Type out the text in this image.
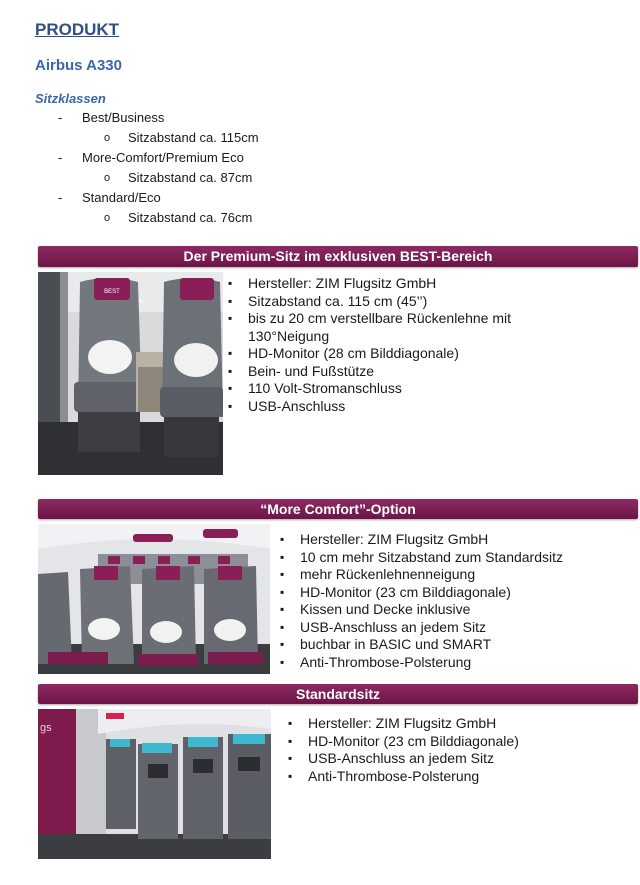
PRODUKT
Airbus A330
Sitzklassen
- Best/Business
o Sitzabstand ca. 115cm
- More-Comfort/Premium Eco
o Sitzabstand ca. 87cm
- Standard/Eco
o Sitzabstand ca. 76cm
Der Premium-Sitz im exklusiven BEST-Bereich
BEST
+
▪ Hersteller: ZIM Flugsitz GmbH
▪ Sitzabstand ca. 115 cm (45’’)
▪ bis zu 20 cm verstellbare Rückenlehne mit 130°Neigung
▪ HD-Monitor (28 cm Bilddiagonale)
▪ Bein- und Fußstütze
▪ 110 Volt-Stromanschluss
▪ USB-Anschluss
“More Comfort”-Option
▪ Hersteller: ZIM Flugsitz GmbH
▪ 10 cm mehr Sitzabstand zum Standardsitz
▪ mehr Rückenlehnenneigung
▪ HD-Monitor (23 cm Bilddiagonale)
▪ Kissen und Decke inklusive
▪ USB-Anschluss an jedem Sitz
▪ buchbar in BASIC und SMART
▪ Anti-Thrombose-Polsterung
Standardsitz
gs
▪	Hersteller: ZIM Flugsitz GmbH
▪ HD-Monitor (23 cm Bilddiagonale)
▪ USB-Anschluss an jedem Sitz
▪ Anti-Thrombose-Polsterung
